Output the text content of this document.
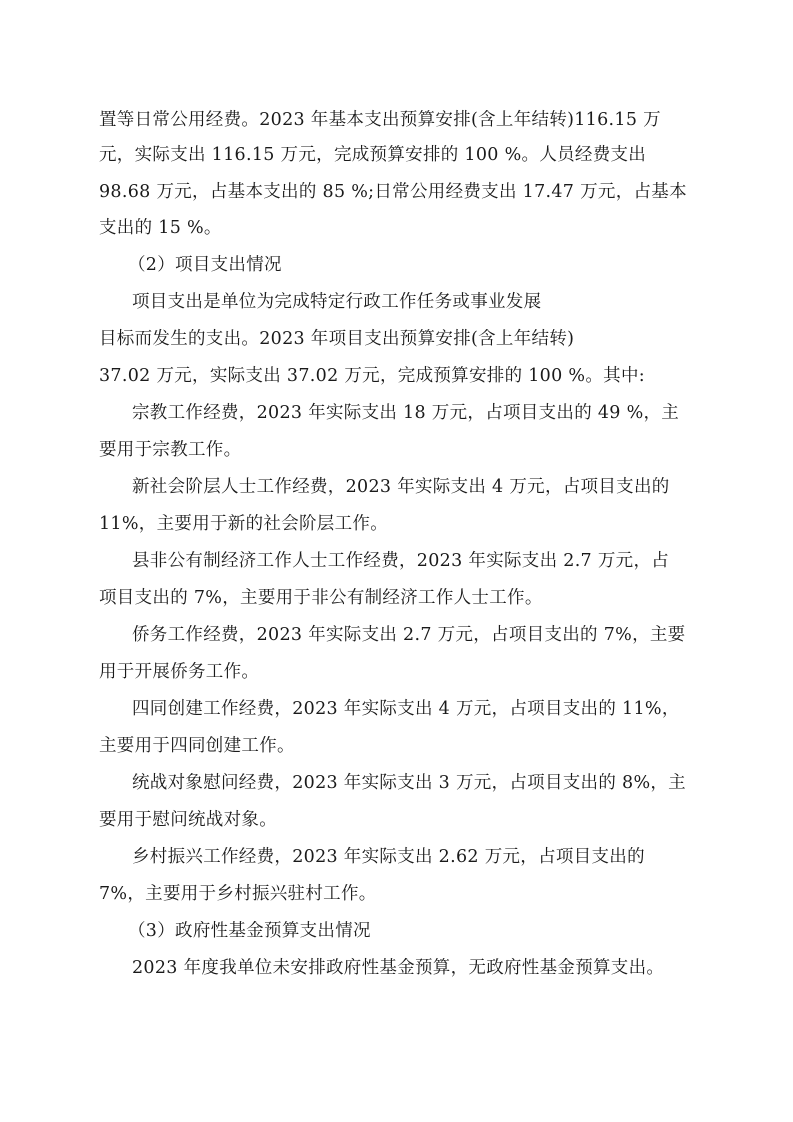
置等日常公用经费。2023 年基本支出预算安排(含上年结转)116.15 万

元，实际支出 116.15 万元，完成预算安排的 100 %。人员经费支出

98.68 万元，占基本支出的 85 %;日常公用经费支出 17.47 万元，占基本

支出的 15 %。

（2）项目支出情况

项目支出是单位为完成特定行政工作任务或事业发展

目标而发生的支出。2023 年项目支出预算安排(含上年结转)

37.02 万元，实际支出 37.02 万元，完成预算安排的 100 %。其中:

宗教工作经费，2023 年实际支出 18 万元，占项目支出的 49 %，主

要用于宗教工作。

新社会阶层人士工作经费，2023 年实际支出 4 万元，占项目支出的

11%，主要用于新的社会阶层工作。

县非公有制经济工作人士工作经费，2023 年实际支出 2.7 万元，占

项目支出的 7%，主要用于非公有制经济工作人士工作。

侨务工作经费，2023 年实际支出 2.7 万元，占项目支出的 7%，主要

用于开展侨务工作。

四同创建工作经费，2023 年实际支出 4 万元，占项目支出的 11%，

主要用于四同创建工作。

统战对象慰问经费，2023 年实际支出 3 万元，占项目支出的 8%，主

要用于慰问统战对象。

乡村振兴工作经费，2023 年实际支出 2.62 万元，占项目支出的

7%，主要用于乡村振兴驻村工作。

（3）政府性基金预算支出情况

2023 年度我单位未安排政府性基金预算，无政府性基金预算支出。
